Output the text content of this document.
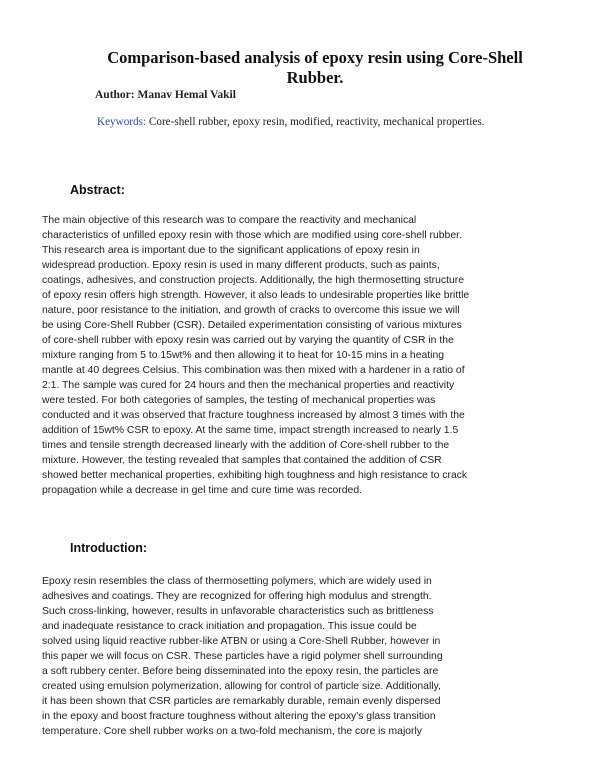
Comparison-based analysis of epoxy resin using Core-Shell Rubber.

Author: Manav Hemal Vakil

Keywords: Core-shell rubber, epoxy resin, modified, reactivity, mechanical properties.

Abstract:
The main objective of this research was to compare the reactivity and mechanical
characteristics of unfilled epoxy resin with those which are modified using core-shell rubber.
This research area is important due to the significant applications of epoxy resin in
widespread production. Epoxy resin is used in many different products, such as paints,
coatings, adhesives, and construction projects. Additionally, the high thermosetting structure
of epoxy resin offers high strength. However, it also leads to undesirable properties like brittle
nature, poor resistance to the initiation, and growth of cracks to overcome this issue we will
be using Core-Shell Rubber (CSR). Detailed experimentation consisting of various mixtures
of core-shell rubber with epoxy resin was carried out by varying the quantity of CSR in the
mixture ranging from 5 to 15wt% and then allowing it to heat for 10-15 mins in a heating
mantle at 40 degrees Celsius. This combination was then mixed with a hardener in a ratio of
2:1. The sample was cured for 24 hours and then the mechanical properties and reactivity
were tested. For both categories of samples, the testing of mechanical properties was
conducted and it was observed that fracture toughness increased by almost 3 times with the
addition of 15wt% CSR to epoxy. At the same time, impact strength increased to nearly 1.5
times and tensile strength decreased linearly with the addition of Core-shell rubber to the
mixture. However, the testing revealed that samples that contained the addition of CSR
showed better mechanical properties, exhibiting high toughness and high resistance to crack
propagation while a decrease in gel time and cure time was recorded.
Introduction:
Epoxy resin resembles the class of thermosetting polymers, which are widely used in
adhesives and coatings. They are recognized for offering high modulus and strength.
Such cross-linking, however, results in unfavorable characteristics such as brittleness
and inadequate resistance to crack initiation and propagation. This issue could be
solved using liquid reactive rubber-like ATBN or using a Core-Shell Rubber, however in
this paper we will focus on CSR. These particles have a rigid polymer shell surrounding
a soft rubbery center. Before being disseminated into the epoxy resin, the particles are
created using emulsion polymerization, allowing for control of particle size. Additionally,
it has been shown that CSR particles are remarkably durable, remain evenly dispersed
in the epoxy and boost fracture toughness without altering the epoxy's glass transition
temperature. Core shell rubber works on a two-fold mechanism, the core is majorly
